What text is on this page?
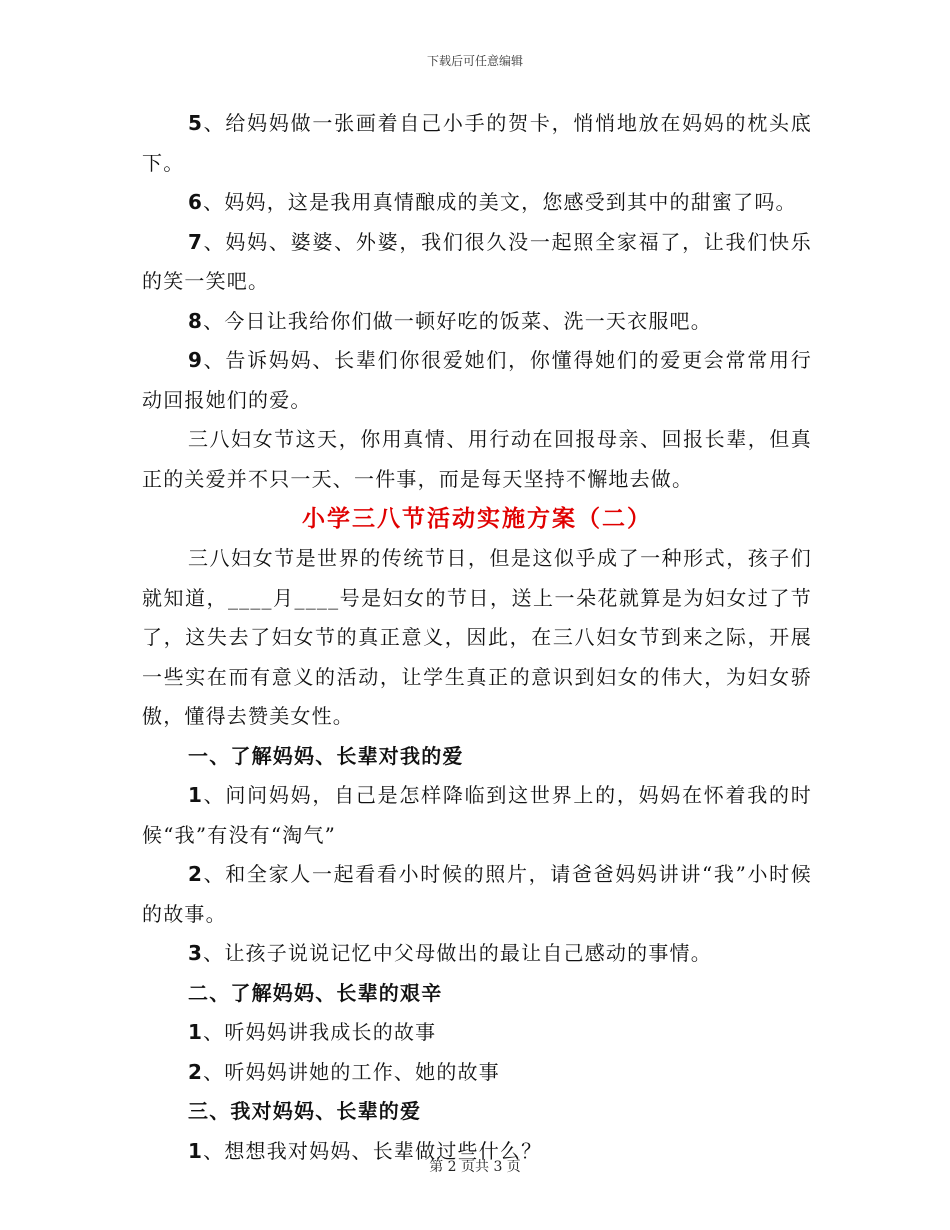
下载后可任意编辑

5、给妈妈做一张画着自己小手的贺卡，悄悄地放在妈妈的枕头底下。

6、妈妈，这是我用真情酿成的美文，您感受到其中的甜蜜了吗。

7、妈妈、婆婆、外婆，我们很久没一起照全家福了，让我们快乐的笑一笑吧。

8、今日让我给你们做一顿好吃的饭菜、洗一天衣服吧。

9、告诉妈妈、长辈们你很爱她们，你懂得她们的爱更会常常用行动回报她们的爱。

三八妇女节这天，你用真情、用行动在回报母亲、回报长辈，但真正的关爱并不只一天、一件事，而是每天坚持不懈地去做。

小学三八节活动实施方案（二）

三八妇女节是世界的传统节日，但是这似乎成了一种形式，孩子们就知道，____月____号是妇女的节日，送上一朵花就算是为妇女过了节了，这失去了妇女节的真正意义，因此，在三八妇女节到来之际，开展一些实在而有意义的活动，让学生真正的意识到妇女的伟大，为妇女骄傲，懂得去赞美女性。

一、了解妈妈、长辈对我的爱

1、问问妈妈，自己是怎样降临到这世界上的，妈妈在怀着我的时候“我”有没有“淘气”

2、和全家人一起看看小时候的照片，请爸爸妈妈讲讲“我”小时候的故事。

3、让孩子说说记忆中父母做出的最让自己感动的事情。

二、了解妈妈、长辈的艰辛

1、听妈妈讲我成长的故事

2、听妈妈讲她的工作、她的故事

三、我对妈妈、长辈的爱

1、想想我对妈妈、长辈做过些什么？

第 2 页共 3 页
